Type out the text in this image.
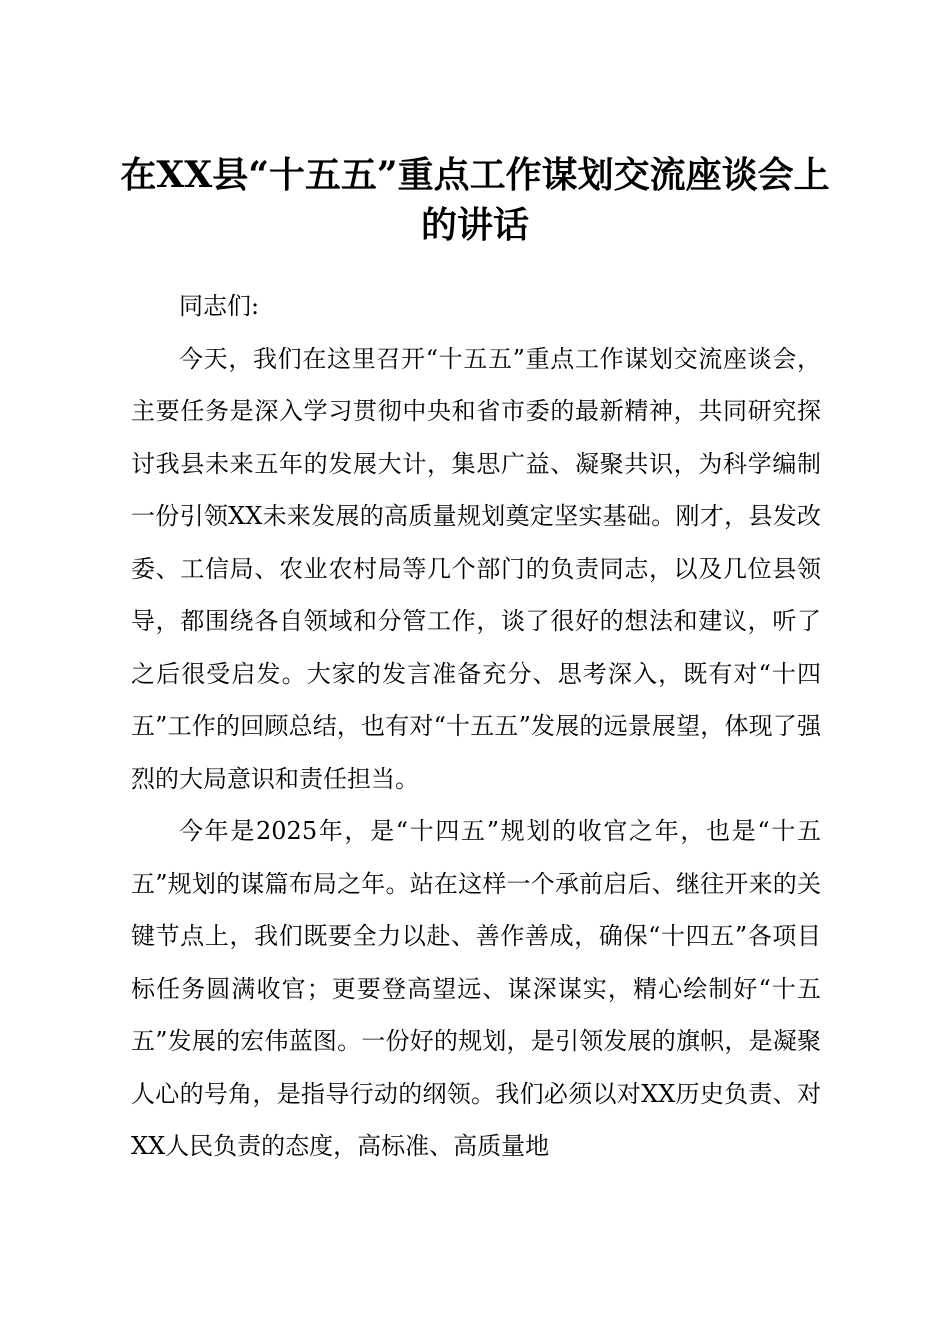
在XX县“十五五”重点工作谋划交流座谈会上的讲话

同志们:

今天，我们在这里召开“十五五”重点工作谋划交流座谈会，主要任务是深入学习贯彻中央和省市委的最新精神，共同研究探讨我县未来五年的发展大计，集思广益、凝聚共识，为科学编制一份引领XX未来发展的高质量规划奠定坚实基础。刚才，县发改委、工信局、农业农村局等几个部门的负责同志，以及几位县领导，都围绕各自领域和分管工作，谈了很好的想法和建议，听了之后很受启发。大家的发言准备充分、思考深入，既有对“十四五”工作的回顾总结，也有对“十五五”发展的远景展望，体现了强烈的大局意识和责任担当。

今年是2025年，是“十四五”规划的收官之年，也是“十五五”规划的谋篇布局之年。站在这样一个承前启后、继往开来的关键节点上，我们既要全力以赴、善作善成，确保“十四五”各项目标任务圆满收官；更要登高望远、谋深谋实，精心绘制好“十五五”发展的宏伟蓝图。一份好的规划，是引领发展的旗帜，是凝聚人心的号角，是指导行动的纲领。我们必须以对XX历史负责、对XX人民负责的态度，高标准、高质量地
